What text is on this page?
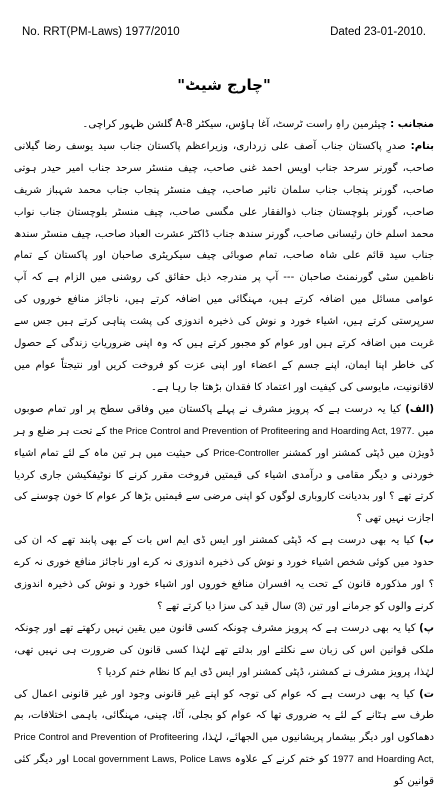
No. RRT(PM-Laws) 1977/2010	Dated 23-01-2010.
"چارج شیٹ"

منجانب : چیئرمین راہِ راست ٹرسٹ، آغا ہاؤس، سیکٹر 8-A گلشن ظہور کراچی۔

بنام: صدرِ پاکستان جناب آصف علی زرداری، وزیراعظم پاکستان جناب سید یوسف رضا گیلانی صاحب، گورنر سرحد جناب اویس احمد غنی صاحب، چیف منسٹر سرحد جناب امیر حیدر ہوتی صاحب، گورنر پنجاب جناب سلمان تاثیر صاحب، چیف منسٹر پنجاب جناب محمد شہباز شریف صاحب، گورنر بلوچستان جناب ذوالفقار علی مگسی صاحب، چیف منسٹر بلوچستان جناب نواب محمد اسلم خان رئیسانی صاحب، گورنر سندھ جناب ڈاکٹر عشرت العباد صاحب، چیف منسٹر سندھ جناب سید قائم علی شاہ صاحب، تمام صوبائی چیف سیکریٹری صاحبان اور پاکستان کے تمام ناظمین سٹی گورنمنٹ صاحبان --- آپ پر مندرجہ ذیل حقائق کی روشنی میں الزام ہے کہ آپ عوامی مسائل میں اضافہ کرتے ہیں، مہنگائی میں اضافہ کرتے ہیں، ناجائز منافع خوروں کی سرپرستی کرتے ہیں، اشیاء خورد و نوش کی ذخیرہ اندوزی کی پشت پناہی کرتے ہیں جس سے غربت میں اضافہ کرتے ہیں اور عوام کو مجبور کرتے ہیں کہ وہ اپنی ضروریاتِ زندگی کے حصول کی خاطر اپنا ایمان، اپنے جسم کے اعضاء اور اپنی عزت کو فروخت کریں اور نتیجتاً عوام میں لاقانونیت، مایوسی کی کیفیت اور اعتماد کا فقدان بڑھتا جا رہا ہے۔

(الف) کیا یہ درست ہے کہ پرویز مشرف نے پہلے پاکستان میں وفاقی سطح پر اور تمام صوبوں میں the Price Control and Prevention of Profiteering and Hoarding Act, 1977. کے تحت ہر ضلع و ہر ڈویژن میں ڈپٹی کمشنر اور کمشنر Price-Controller کی حیثیت میں ہر تین ماہ کے لئے تمام اشیاء خوردنی و دیگر مقامی و درآمدی اشیاء کی قیمتیں فروخت مقرر کرنے کا نوٹیفکیشن جاری کردیا کرتے تھے ؟ اور بددیانت کاروباری لوگوں کو اپنی مرضی سے قیمتیں بڑھا کر عوام کا خون چوسنے کی اجازت نہیں تھی ؟

ب) کیا یہ بھی درست ہے کہ ڈپٹی کمشنر اور ایس ڈی ایم اس بات کے بھی پابند تھے کہ ان کی حدود میں کوئی شخص اشیاء خورد و نوش کی ذخیرہ اندوزی نہ کرے اور ناجائز منافع خوری نہ کرے ؟ اور مذکورہ قانون کے تحت یہ افسران منافع خوروں اور اشیاء خورد و نوش کی ذخیرہ اندوزی کرنے والوں کو جرمانے اور تین (3) سال قید کی سزا دیا کرتے تھے ؟

پ) کیا یہ بھی درست ہے کہ پرویز مشرف چونکہ کسی قانون میں یقین نہیں رکھتے تھے اور چونکہ ملکی قوانین اس کی زبان سے نکلتے اور بدلتے تھے لہٰذا کسی قانون کی ضرورت ہی نہیں تھی، لہٰذا، پرویز مشرف نے کمشنر، ڈپٹی کمشنر اور ایس ڈی ایم کا نظام ختم کردیا ؟

ت) کیا یہ بھی درست ہے کہ عوام کی توجہ کو اپنے غیر قانونی وجود اور غیر قانونی اعمال کی طرف سے ہٹانے کے لئے یہ ضروری تھا کہ عوام کو بجلی، آٹا، چینی، مہنگائی، باہمی اختلافات، بم دھماکوں اور دیگر بیشمار پریشانیوں میں الجھائے، لہٰذا، Price Control and Prevention of Profiteering and Hoarding Act, 1977 کو ختم کرنے کے علاوہ Local government Laws, Police Laws اور دیگر کئی قوانین کو
